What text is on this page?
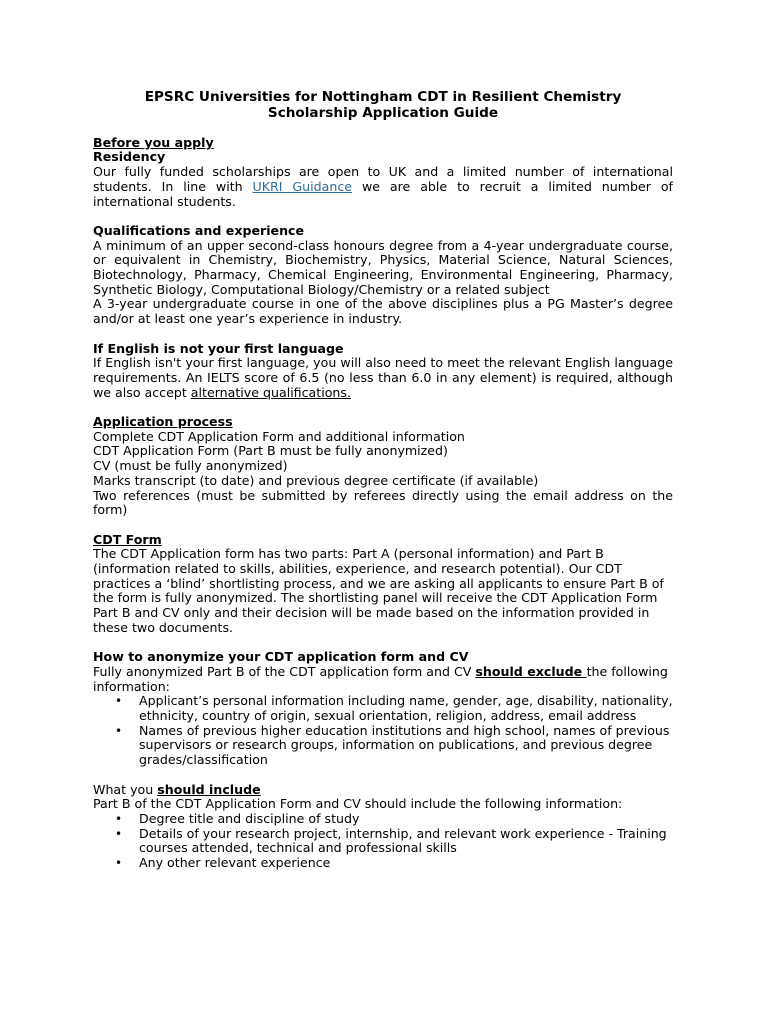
EPSRC Universities for Nottingham CDT in Resilient Chemistry
Scholarship Application Guide
Before you apply
Residency

Our fully funded scholarships are open to UK and a limited number of international students. In line with UKRI Guidance we are able to recruit a limited number of international students.

Qualifications and experience

A minimum of an upper second-class honours degree from a 4-year undergraduate course, or equivalent in Chemistry, Biochemistry, Physics, Material Science, Natural Sciences, Biotechnology, Pharmacy, Chemical Engineering, Environmental Engineering, Pharmacy, Synthetic Biology, Computational Biology/Chemistry or a related subject

A 3-year undergraduate course in one of the above disciplines plus a PG Master’s degree and/or at least one year’s experience in industry.

If English is not your first language

If English isn't your first language, you will also need to meet the relevant English language requirements. An IELTS score of 6.5 (no less than 6.0 in any element) is required, although we also accept alternative qualifications.

Application process

Complete CDT Application Form and additional information

CDT Application Form (Part B must be fully anonymized)

CV (must be fully anonymized)

Marks transcript (to date) and previous degree certificate (if available)

Two references (must be submitted by referees directly using the email address on the form)

CDT Form

The CDT Application form has two parts: Part A (personal information) and Part B (information related to skills, abilities, experience, and research potential). Our CDT practices a ‘blind’ shortlisting process, and we are asking all applicants to ensure Part B of the form is fully anonymized. The shortlisting panel will receive the CDT Application Form Part B and CV only and their decision will be made based on the information provided in these two documents.

How to anonymize your CDT application form and CV

Fully anonymized Part B of the CDT application form and CV should exclude the following information:

• Applicant’s personal information including name, gender, age, disability, nationality, ethnicity, country of origin, sexual orientation, religion, address, email address
• Names of previous higher education institutions and high school, names of previous supervisors or research groups, information on publications, and previous degree grades/classification

What you should include

Part B of the CDT Application Form and CV should include the following information:

• Degree title and discipline of study
• Details of your research project, internship, and relevant work experience - Training courses attended, technical and professional skills
• Any other relevant experience
